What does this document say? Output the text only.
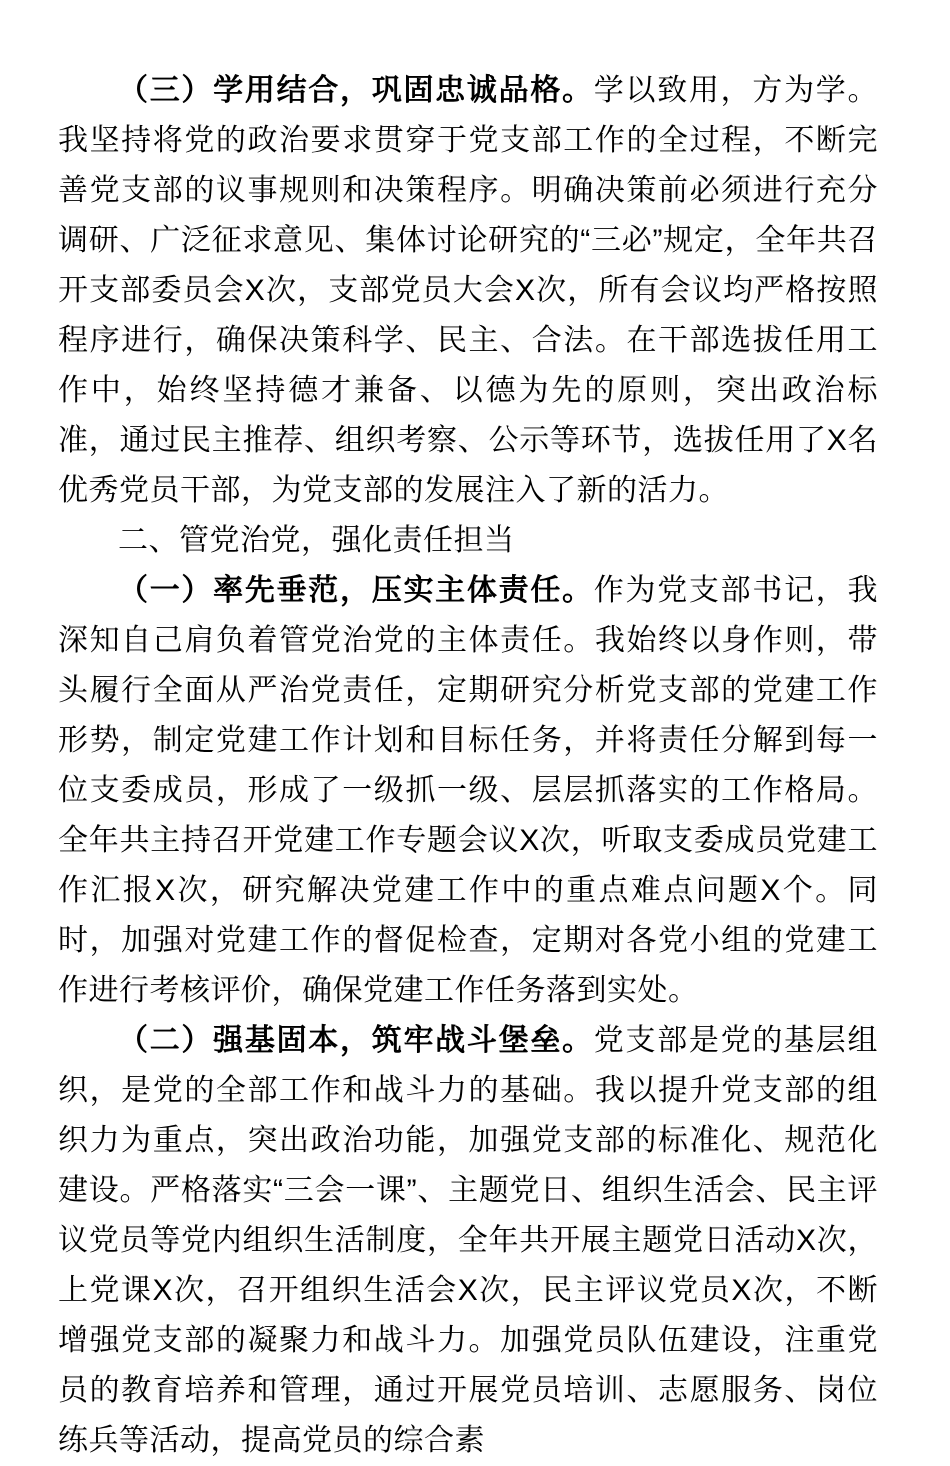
（三）学用结合，巩固忠诚品格。学以致用，方为学。我坚持将党的政治要求贯穿于党支部工作的全过程，不断完善党支部的议事规则和决策程序。明确决策前必须进行充分调研、广泛征求意见、集体讨论研究的“三必”规定，全年共召开支部委员会X次，支部党员大会X次，所有会议均严格按照程序进行，确保决策科学、民主、合法。在干部选拔任用工作中，始终坚持德才兼备、以德为先的原则，突出政治标准，通过民主推荐、组织考察、公示等环节，选拔任用了X名优秀党员干部，为党支部的发展注入了新的活力。

二、管党治党，强化责任担当

（一）率先垂范，压实主体责任。作为党支部书记，我深知自己肩负着管党治党的主体责任。我始终以身作则，带头履行全面从严治党责任，定期研究分析党支部的党建工作形势，制定党建工作计划和目标任务，并将责任分解到每一位支委成员，形成了一级抓一级、层层抓落实的工作格局。全年共主持召开党建工作专题会议X次，听取支委成员党建工作汇报X次，研究解决党建工作中的重点难点问题X个。同时，加强对党建工作的督促检查，定期对各党小组的党建工作进行考核评价，确保党建工作任务落到实处。

（二）强基固本，筑牢战斗堡垒。党支部是党的基层组织，是党的全部工作和战斗力的基础。我以提升党支部的组织力为重点，突出政治功能，加强党支部的标准化、规范化建设。严格落实“三会一课”、主题党日、组织生活会、民主评议党员等党内组织生活制度，全年共开展主题党日活动X次，上党课X次，召开组织生活会X次，民主评议党员X次，不断增强党支部的凝聚力和战斗力。加强党员队伍建设，注重党员的教育培养和管理，通过开展党员培训、志愿服务、岗位练兵等活动，提高党员的综合素
